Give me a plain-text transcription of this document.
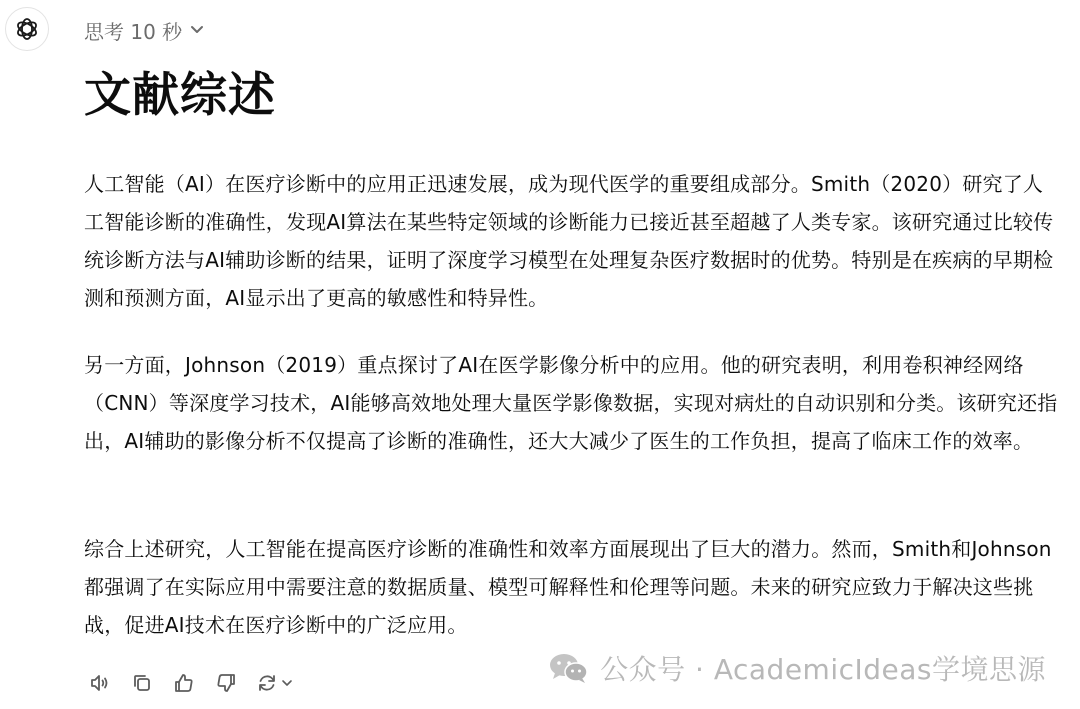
思考 10 秒
文献综述

人工智能（AI）在医疗诊断中的应用正迅速发展，成为现代医学的重要组成部分。Smith（2020）研究了人工智能诊断的准确性，发现AI算法在某些特定领域的诊断能力已接近甚至超越了人类专家。该研究通过比较传统诊断方法与AI辅助诊断的结果，证明了深度学习模型在处理复杂医疗数据时的优势。特别是在疾病的早期检测和预测方面，AI显示出了更高的敏感性和特异性。

另一方面，Johnson（2019）重点探讨了AI在医学影像分析中的应用。他的研究表明，利用卷积神经网络（CNN）等深度学习技术，AI能够高效地处理大量医学影像数据，实现对病灶的自动识别和分类。该研究还指出，AI辅助的影像分析不仅提高了诊断的准确性，还大大减少了医生的工作负担，提高了临床工作的效率。

综合上述研究，人工智能在提高医疗诊断的准确性和效率方面展现出了巨大的潜力。然而，Smith和Johnson都强调了在实际应用中需要注意的数据质量、模型可解释性和伦理等问题。未来的研究应致力于解决这些挑战，促进AI技术在医疗诊断中的广泛应用。

公众号 · AcademicIdeas学境思源
